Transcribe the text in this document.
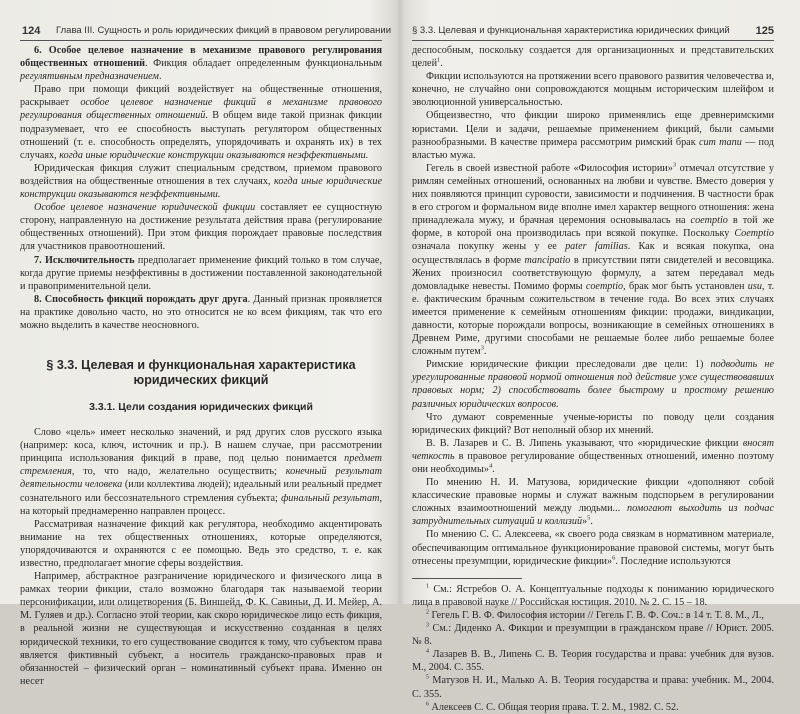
124 Глава III. Сущность и роль юридических фикций в правовом регулировании

6. Особое целевое назначение в механизме правового регулирования общественных отношений. Фикция обладает определенным функциональным регулятивным предназначением.

Право при помощи фикций воздействует на общественные отношения, раскрывает особое целевое назначение фикций в механизме правового регулирования общественных отношений. В общем виде такой признак фикции подразумевает, что ее способность выступать регулятором общественных отношений (т. е. способность определять, упорядочивать и охранять их) в тех случаях, когда иные юридические конструкции оказываются неэффективными.

Юридическая фикция служит специальным средством, приемом правового воздействия на общественные отношения в тех случаях, когда иные юридические конструкции оказываются неэффективными.

Особое целевое назначение юридической фикции составляет ее сущностную сторону, направленную на достижение результата действия права (регулирование общественных отношений). При этом фикция порождает правовые последствия для участников правоотношений.

7. Исключительность предполагает применение фикций только в том случае, когда другие приемы неэффективны в достижении поставленной законодательной и правоприменительной цели.

8. Способность фикций порождать друг друга. Данный признак проявляется на практике довольно часто, но это относится не ко всем фикциям, так что его можно выделить в качестве неосновного.

§ 3.3. Целевая и функциональная характеристика юридических фикций
3.3.1. Цели создания юридических фикций

Слово «цель» имеет несколько значений, и ряд других слов русского языка (например: коса, ключ, источник и пр.). В нашем случае, при рассмотрении принципа использования фикций в праве, под целью понимается предмет стремления, то, что надо, желательно осуществить; конечный результат деятельности человека (или коллектива людей); идеальный или реальный предмет сознательного или бессознательного стремления субъекта; финальный результат, на который преднамеренно направлен процесс.

Рассматривая назначение фикций как регулятора, необходимо акцентировать внимание на тех общественных отношениях, которые определяются, упорядочиваются и охраняются с ее помощью. Ведь это средство, т. е. как известно, предполагает многие сферы воздействия.

Например, абстрактное разграничение юридического и физического лица в рамках теории фикции, стало возможно благодаря так называемой теории персонификации, или олицетворения (Б. Виншейд, Ф. К. Савиньи, Д. И. Мейер, А. М. Гуляев и др.). Согласно этой теории, как скоро юридическое лицо есть фикция, в реальной жизни не существующая и искусственно созданная в целях юридической техники, то его существование сводится к тому, что субъектом права является фиктивный субъект, а носитель гражданско-правовых прав и обязанностей – физический орган – номинативный субъект права. Именно он несет

§ 3.3. Целевая и функциональная характеристика юридических фикций 125

деспособным, поскольку создается для организационных и представительских целей$^1$.

Фикции используются на протяжении всего правового развития человечества и, конечно, не случайно они сопровождаются мощным историческим шлейфом и эволюционной универсальностью.

Общеизвестно, что фикции широко применялись еще древнеримскими юристами. Цели и задачи, решаемые применением фикций, были самыми разнообразными. В качестве примера рассмотрим римский брак cum manu — под властью мужа.

Гегель в своей известной работе «Философия истории»$^3$ отмечал отсутствие у римлян семейных отношений, основанных на любви и чувстве. Вместо доверия у них появляются принцип суровости, зависимости и подчинения. В частности брак в его строгом и формальном виде вполне имел характер вещного отношения: жена принадлежала мужу, и брачная церемония основывалась на coemptio в той же форме, в которой она производилась при всякой покупке. Поскольку Coemptio означала покупку жены у ее pater familias. Как и всякая покупка, она осуществлялась в форме mancipatio в присутствии пяти свидетелей и весовщика. Жених произносил соответствующую формулу, а затем передавал медь домовладыке невесты. Помимо формы coemptio, брак мог быть установлен usu, т. е. фактическим брачным сожительством в течение года. Во всех этих случаях имеется применение к семейным отношениям фикции: продажи, виндикации, давности, которые порождали вопросы, возникающие в семейных отношениях в Древнем Риме, другими способами не решаемые более либо решаемые более сложным путем$^3$.

Римские юридические фикции преследовали две цели: 1) подводить не урегулированные правовой нормой отношения под действие уже существовавших правовых норм; 2) способствовать более быстрому и простому решению различных юридических вопросов.

Что думают современные ученые-юристы по поводу цели создания юридических фикций? Вот неполный обзор их мнений.

В. В. Лазарев и С. В. Липень указывают, что «юридические фикции вносят четкость в правовое регулирование общественных отношений, именно поэтому они необходимы»$^4$.

По мнению Н. И. Матузова, юридические фикции «дополняют собой классические правовые нормы и служат важным подспорьем в регулировании сложных взаимоотношений между людьми... помогают выходить из подчас затруднительных ситуаций и коллизий»$^5$.

По мнению С. С. Алексеева, «к своего рода связкам в нормативном материале, обеспечивающим оптимальное функционирование правовой системы, могут быть отнесены презумпции, юридические фикции»$^6$. Последние используются

$^1$ См.: Ястребов О. А. Концептуальные подходы к пониманию юридического лица в правовой науке // Российская юстиция. 2010. № 2. С. 15 – 18.

$^2$ Гегель Г. В. Ф. Философия истории // Гегель Г. В. Ф. Соч.: в 14 т. Т. 8. М., Л.,

$^3$ См.: Диденко А. Фикции и презумпции в гражданском праве // Юрист. 2005. № 8.

$^4$ Лазарев В. В., Липень С. В. Теория государства и права: учебник для вузов. М., 2004. С. 355.

$^5$ Матузов Н. И., Малько А. В. Теория государства и права: учебник. М., 2004. С. 355.

$^6$ Алексеев С. С. Общая теория права. Т. 2. М., 1982. С. 52.
